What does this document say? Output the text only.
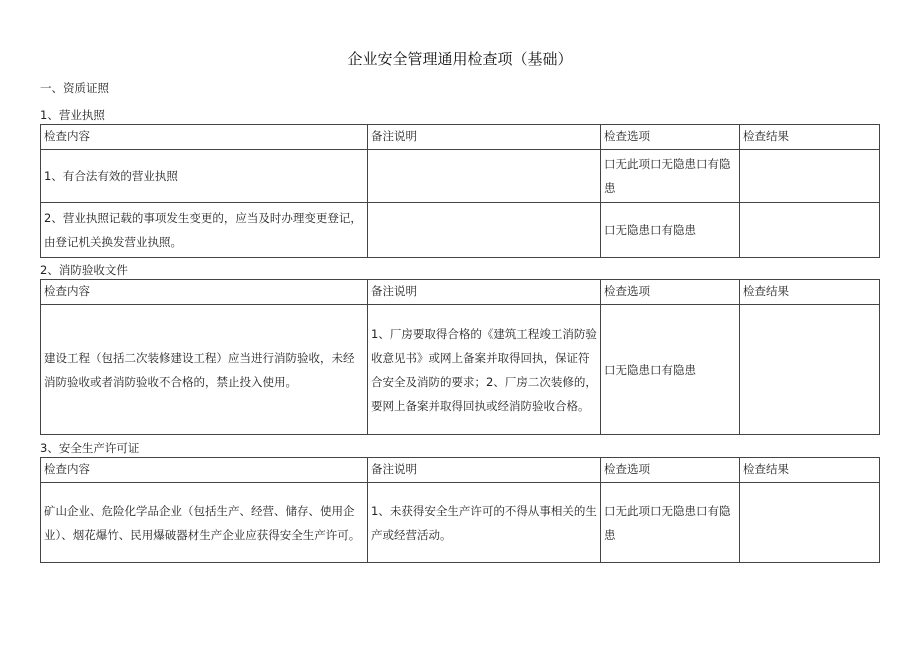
企业安全管理通用检查项（基础）
一、资质证照
1、营业执照
检查内容	备注说明	检查选项	检查结果
1、有合法有效的营业执照		口无此项口无隐患口有隐患	
2、营业执照记载的事项发生变更的，应当及时办理变更登记，由登记机关换发营业执照。		口无隐患口有隐患	
2、消防验收文件
检查内容	备注说明	检查选项	检查结果
建设工程（包括二次装修建设工程）应当进行消防验收，未经消防验收或者消防验收不合格的，禁止投入使用。	1、厂房要取得合格的《建筑工程竣工消防验收意见书》或网上备案并取得回执，保证符合安全及消防的要求；2、厂房二次装修的，要网上备案并取得回执或经消防验收合格。	口无隐患口有隐患	
3、安全生产许可证
检查内容	备注说明	检查选项	检查结果
矿山企业、危险化学品企业（包括生产、经营、储存、使用企业）、烟花爆竹、民用爆破器材生产企业应获得安全生产许可。	1、未获得安全生产许可的不得从事相关的生产或经营活动。	口无此项口无隐患口有隐患	
